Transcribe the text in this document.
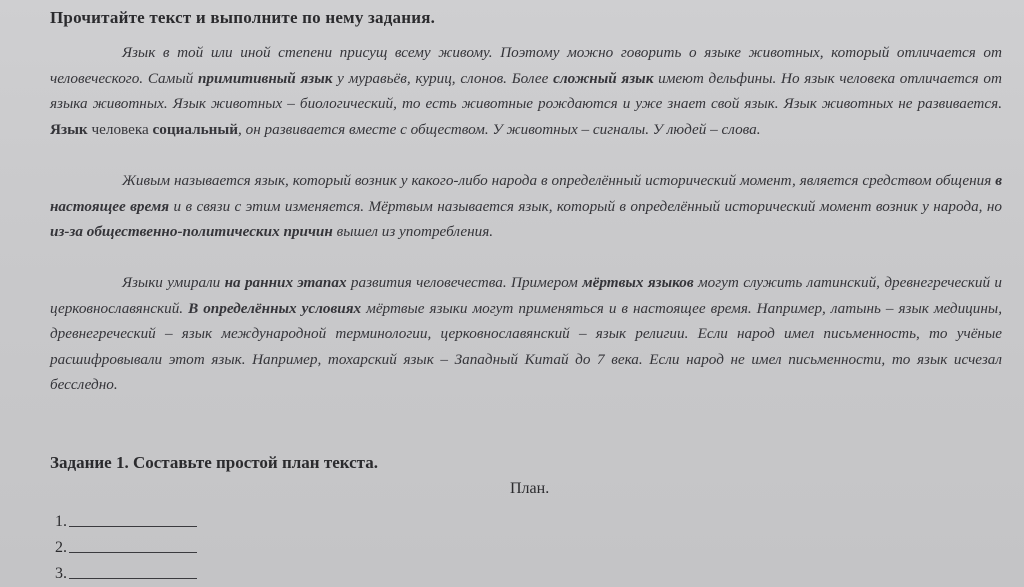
Прочитайте текст и выполните по нему задания.
Язык в той или иной степени присущ всему живому. Поэтому можно говорить о языке животных, который отличается от человеческого. Самый примитивный язык у муравьёв, куриц, слонов. Более сложный язык имеют дельфины. Но язык человека отличается от языка животных. Язык животных – биологический, то есть животные рождаются и уже знает свой язык. Язык животных не развивается. Язык человека социальный, он развивается вместе с обществом. У животных – сигналы. У людей – слова.
Живым называется язык, который возник у какого-либо народа в определённый исторический момент, является средством общения в настоящее время и в связи с этим изменяется. Мёртвым называется язык, который в определённый исторический момент возник у народа, но из-за общественно-политических причин вышел из употребления.
Языки умирали на ранних этапах развития человечества. Примером мёртвых языков могут служить латинский, древнегреческий и церковнославянский. В определённых условиях мёртвые языки могут применяться и в настоящее время. Например, латынь – язык медицины, древнегреческий – язык международной терминологии, церковнославянский – язык религии. Если народ имел письменность, то учёные расшифровывали этот язык. Например, тохарский язык – Западный Китай до 7 века. Если народ не имел письменности, то язык исчезал бесследно.
Задание 1. Составьте простой план текста.
План.
1.
2.
3.
